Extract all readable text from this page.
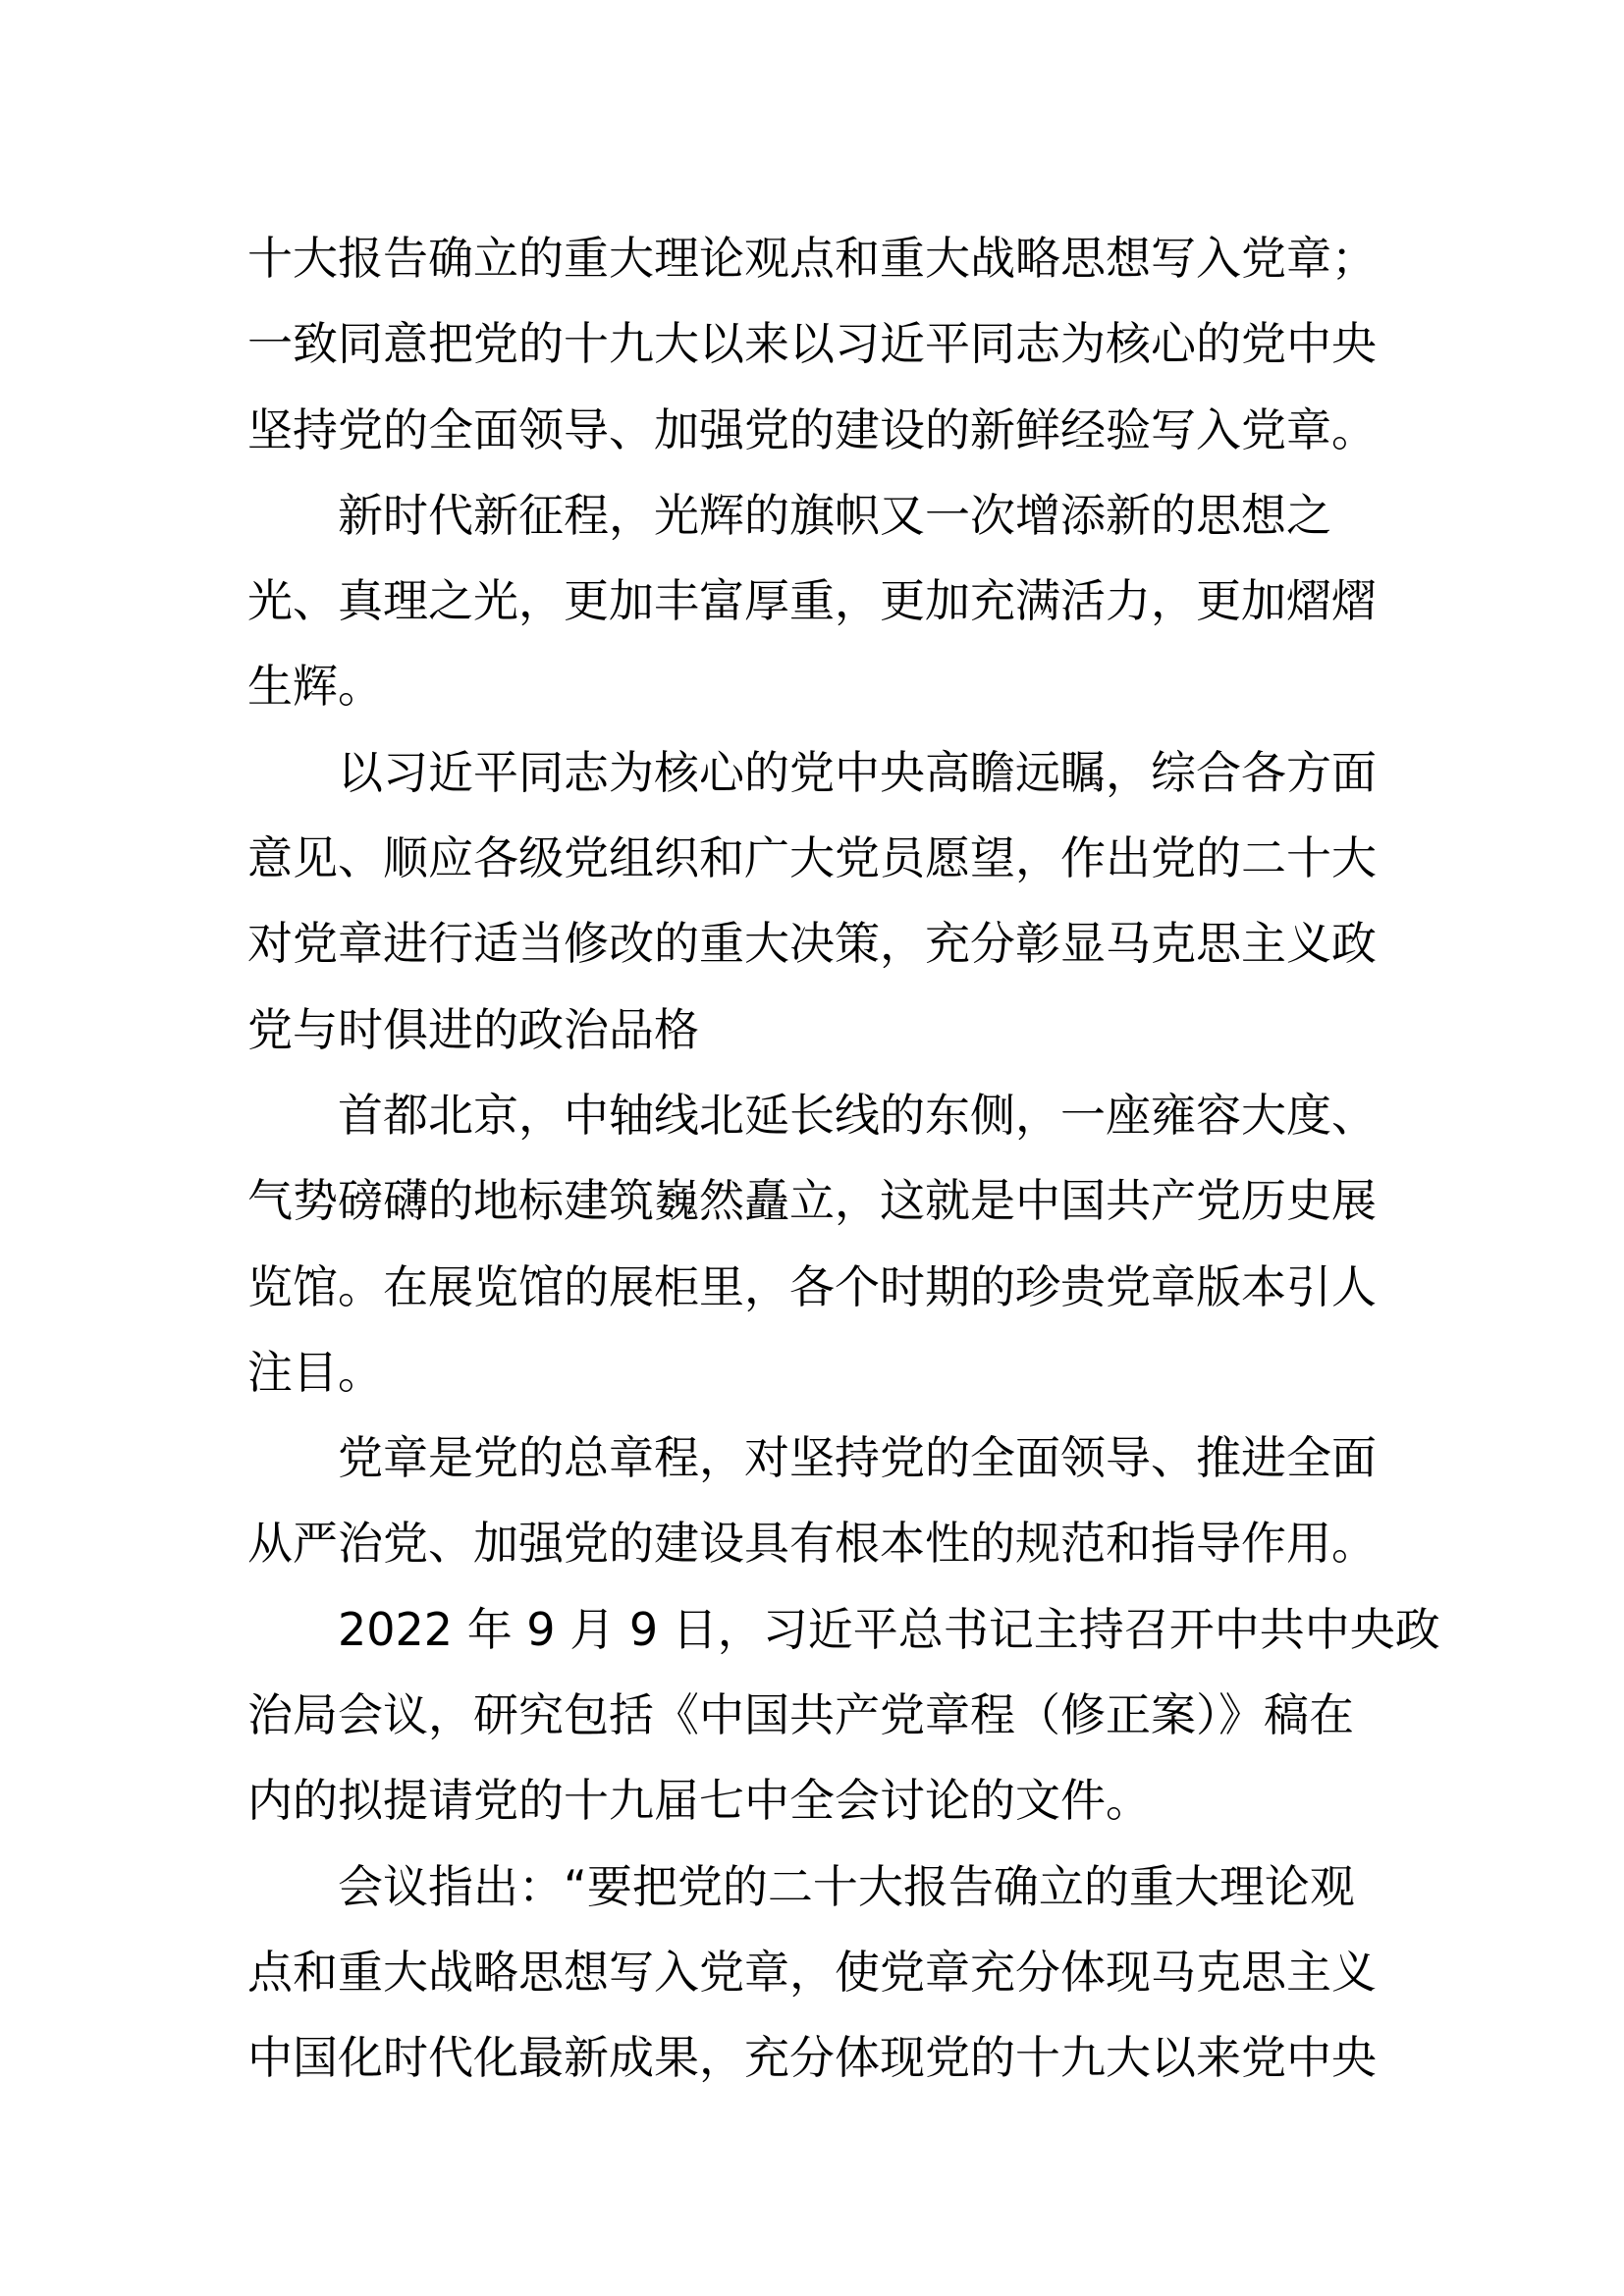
十大报告确立的重大理论观点和重大战略思想写入党章；
一致同意把党的十九大以来以习近平同志为核心的党中央
坚持党的全面领导、加强党的建设的新鲜经验写入党章。
新时代新征程，光辉的旗帜又一次增添新的思想之
光、真理之光，更加丰富厚重，更加充满活力，更加熠熠
生辉。
以习近平同志为核心的党中央高瞻远瞩，综合各方面
意见、顺应各级党组织和广大党员愿望，作出党的二十大
对党章进行适当修改的重大决策，充分彰显马克思主义政
党与时俱进的政治品格
首都北京，中轴线北延长线的东侧，一座雍容大度、
气势磅礴的地标建筑巍然矗立，这就是中国共产党历史展
览馆。在展览馆的展柜里，各个时期的珍贵党章版本引人
注目。
党章是党的总章程，对坚持党的全面领导、推进全面
从严治党、加强党的建设具有根本性的规范和指导作用。
2022 年 9 月 9 日，习近平总书记主持召开中共中央政
治局会议，研究包括《中国共产党章程（修正案）》稿在
内的拟提请党的十九届七中全会讨论的文件。
会议指出：“要把党的二十大报告确立的重大理论观
点和重大战略思想写入党章，使党章充分体现马克思主义
中国化时代化最新成果，充分体现党的十九大以来党中央
